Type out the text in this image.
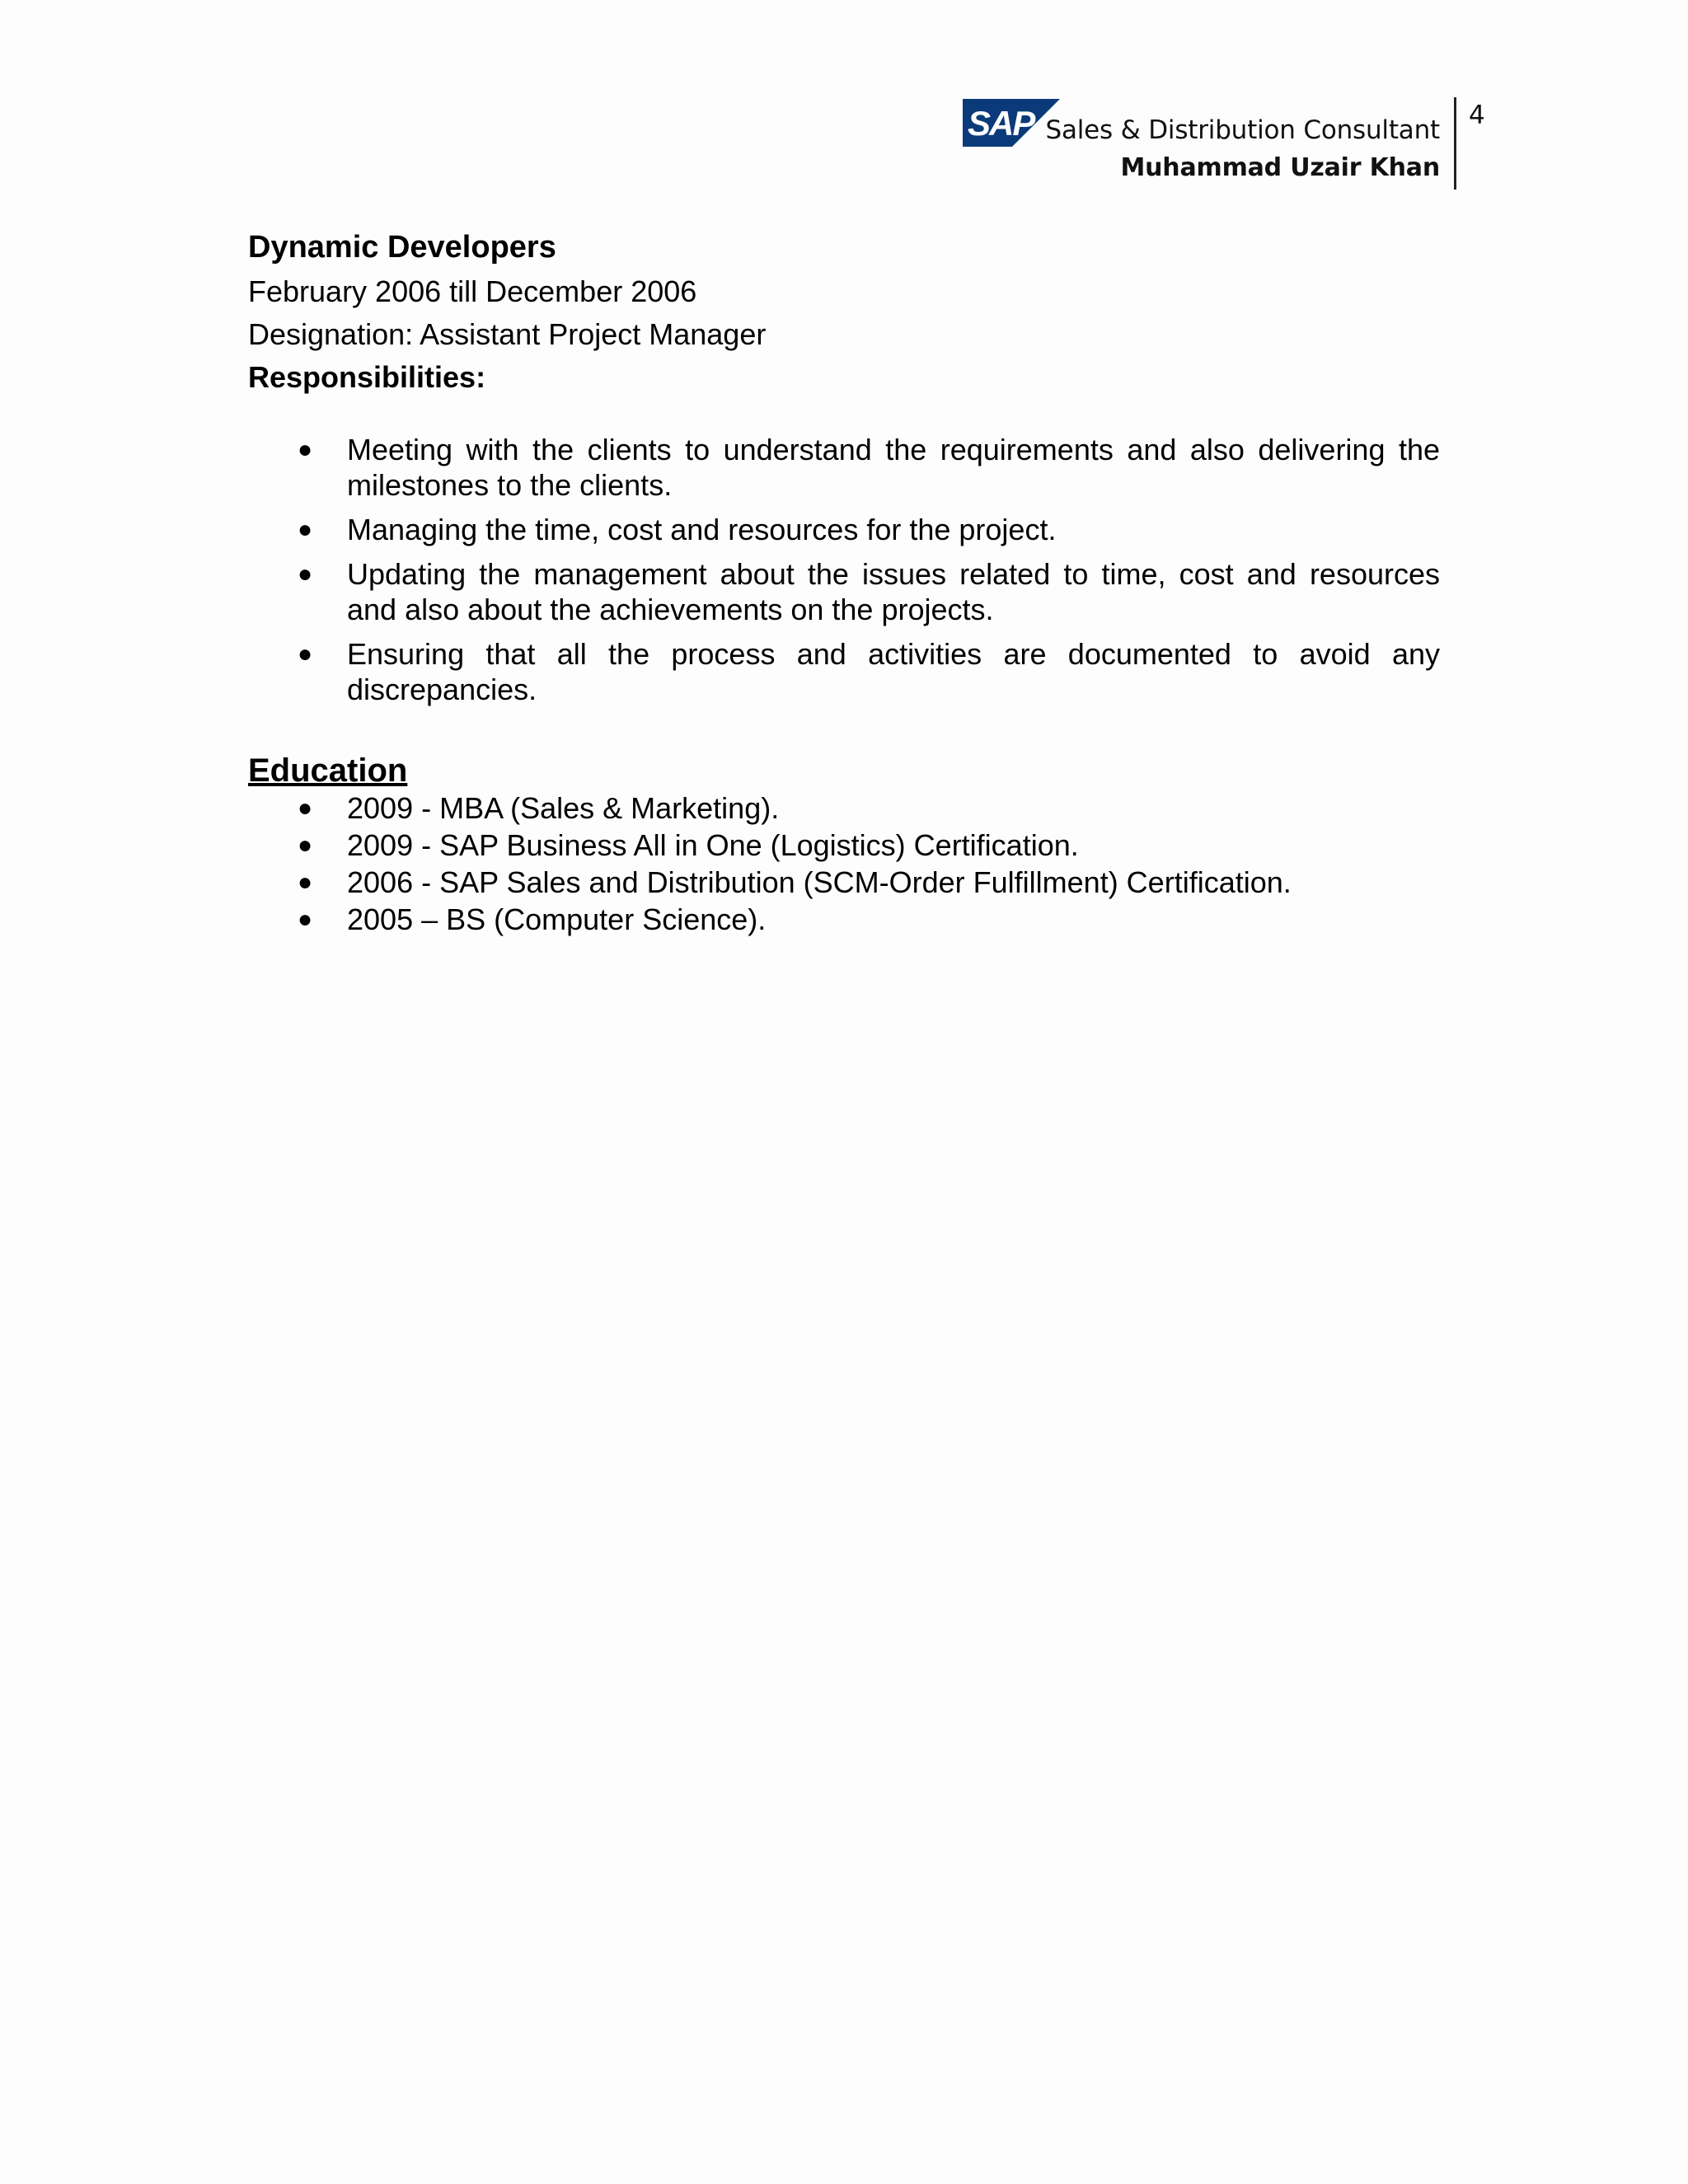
SAP Sales & Distribution Consultant
Muhammad Uzair Khan
4

Dynamic Developers

February 2006 till December 2006

Designation: Assistant Project Manager

Responsibilities:

● Meeting with the clients to understand the requirements and also delivering the milestones to the clients.
● Managing the time, cost and resources for the project.
● Updating the management about the issues related to time, cost and resources and also about the achievements on the projects.
● Ensuring that all the process and activities are documented to avoid any discrepancies.

Education

● 2009 - MBA (Sales & Marketing).
● 2009 - SAP Business All in One (Logistics) Certification.
● 2006 - SAP Sales and Distribution (SCM-Order Fulfillment) Certification.
● 2005 – BS (Computer Science).
